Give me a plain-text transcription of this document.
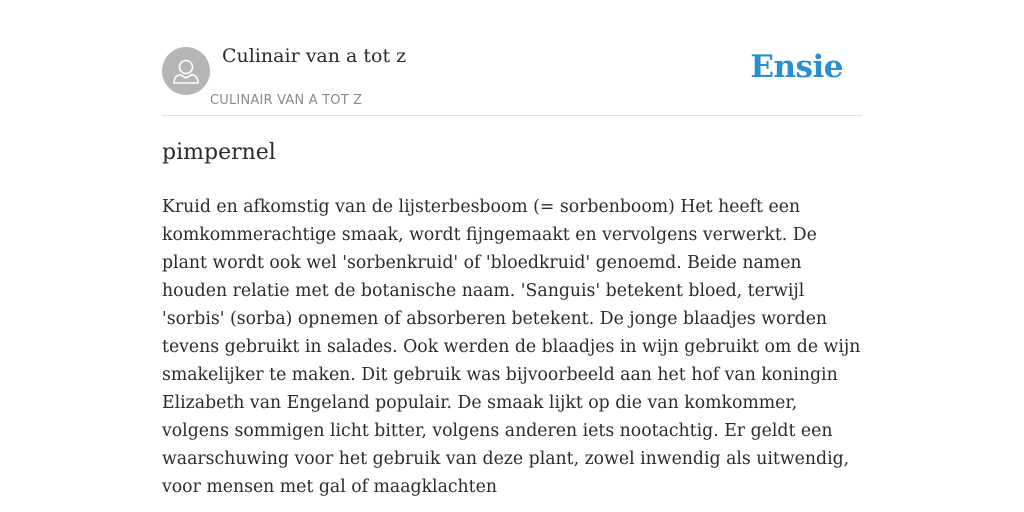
Culinair van a tot z
CULINAIR VAN A TOT Z
Ensie
pimpernel

Kruid en afkomstig van de lijsterbesboom (= sorbenboom) Het heeft een komkommerachtige smaak, wordt fijngemaakt en vervolgens verwerkt. De plant wordt ook wel 'sorbenkruid' of 'bloedkruid' genoemd. Beide namen houden relatie met de botanische naam. 'Sanguis' betekent bloed, terwijl 'sorbis' (sorba) opnemen of absorberen betekent. De jonge blaadjes worden tevens gebruikt in salades. Ook werden de blaadjes in wijn gebruikt om de wijn smakelijker te maken. Dit gebruik was bijvoorbeeld aan het hof van koningin Elizabeth van Engeland populair. De smaak lijkt op die van komkommer, volgens sommigen licht bitter, volgens anderen iets nootachtig. Er geldt een waarschuwing voor het gebruik van deze plant, zowel inwendig als uitwendig, voor mensen met gal of maagklachten
